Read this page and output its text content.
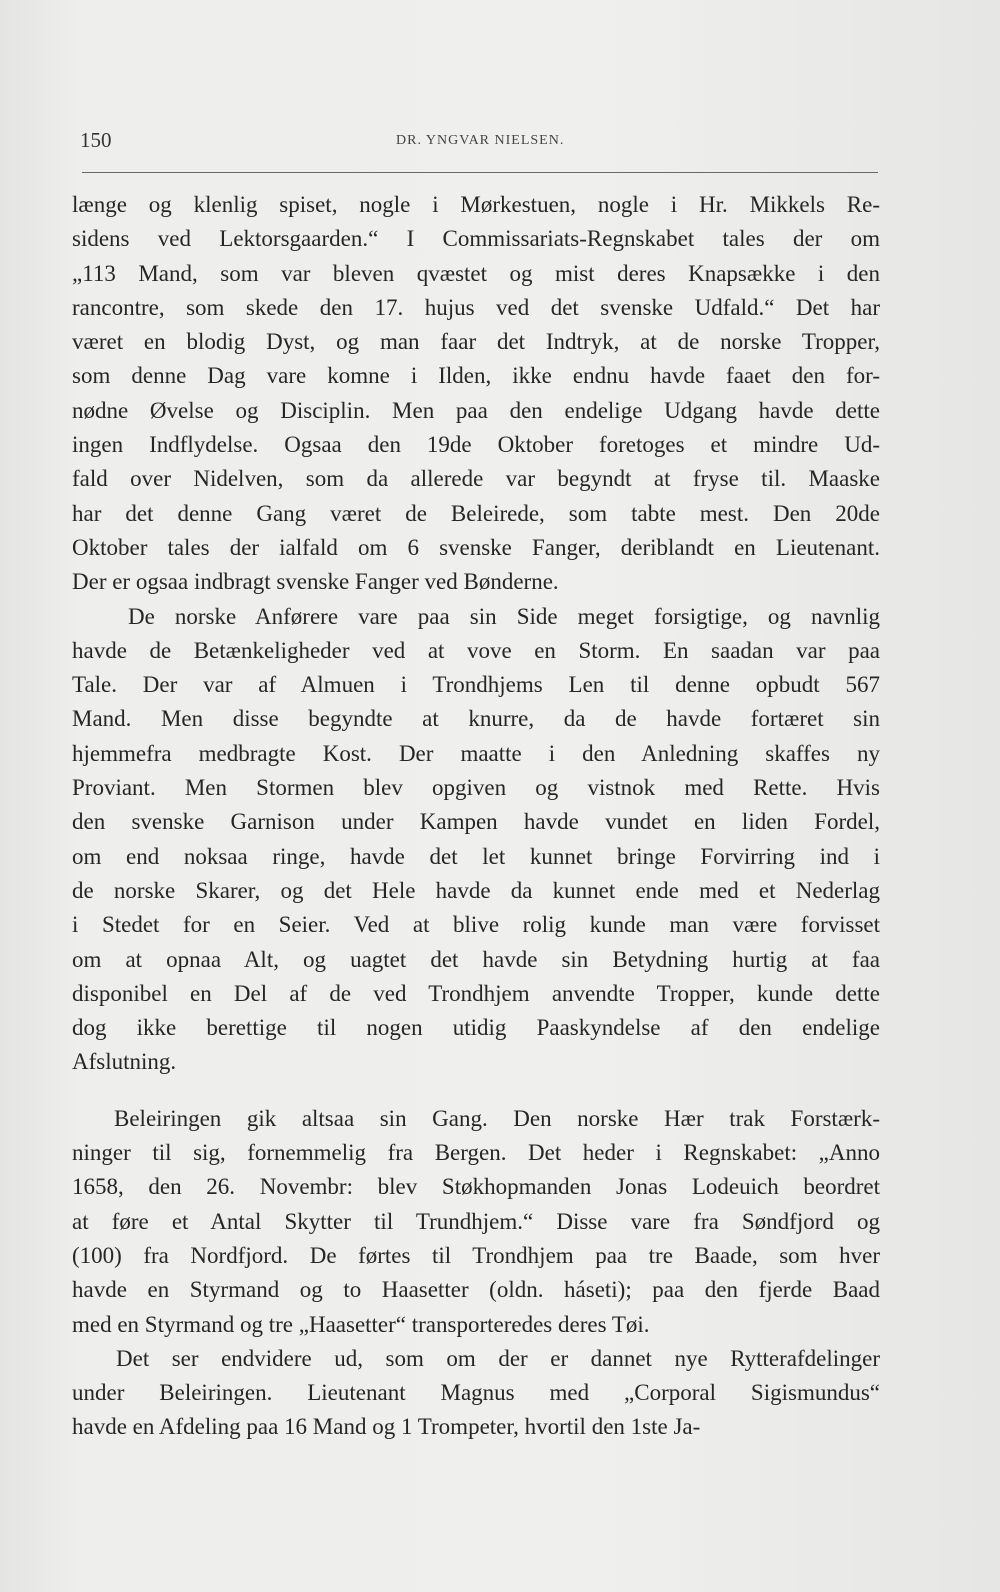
150	DR. YNGVAR NIELSEN.
længe og klenlig spiset, nogle i Mørkestuen, nogle i Hr. Mikkels Re-
sidens ved Lektorsgaarden.“ I Commissariats-Regnskabet tales der om
„113 Mand, som var bleven qvæstet og mist deres Knapsække i den
rancontre, som skede den 17. hujus ved det svenske Udfald.“ Det har
været en blodig Dyst, og man faar det Indtryk, at de norske Tropper,
som denne Dag vare komne i Ilden, ikke endnu havde faaet den for-
nødne Øvelse og Disciplin. Men paa den endelige Udgang havde dette
ingen Indflydelse. Ogsaa den 19de Oktober foretoges et mindre Ud-
fald over Nidelven, som da allerede var begyndt at fryse til. Maaske
har det denne Gang været de Beleirede, som tabte mest. Den 20de
Oktober tales der ialfald om 6 svenske Fanger, deriblandt en Lieutenant.
Der er ogsaa indbragt svenske Fanger ved Bønderne.
De norske Anførere vare paa sin Side meget forsigtige, og navnlig
havde de Betænkeligheder ved at vove en Storm. En saadan var paa
Tale. Der var af Almuen i Trondhjems Len til denne opbudt 567
Mand. Men disse begyndte at knurre, da de havde fortæret sin
hjemmefra medbragte Kost. Der maatte i den Anledning skaffes ny
Proviant. Men Stormen blev opgiven og vistnok med Rette. Hvis
den svenske Garnison under Kampen havde vundet en liden Fordel,
om end noksaa ringe, havde det let kunnet bringe Forvirring ind i
de norske Skarer, og det Hele havde da kunnet ende med et Nederlag
i Stedet for en Seier. Ved at blive rolig kunde man være forvisset
om at opnaa Alt, og uagtet det havde sin Betydning hurtig at faa
disponibel en Del af de ved Trondhjem anvendte Tropper, kunde dette
dog ikke berettige til nogen utidig Paaskyndelse af den endelige
Afslutning.
Beleiringen gik altsaa sin Gang. Den norske Hær trak Forstærk-
ninger til sig, fornemmelig fra Bergen. Det heder i Regnskabet: „Anno
1658, den 26. Novembr: blev Støkhopmanden Jonas Lodeuich beordret
at føre et Antal Skytter til Trundhjem.“ Disse vare fra Søndfjord og
(100) fra Nordfjord. De førtes til Trondhjem paa tre Baade, som hver
havde en Styrmand og to Haasetter (oldn. háseti); paa den fjerde Baad
med en Styrmand og tre „Haasetter“ transporteredes deres Tøi.
Det ser endvidere ud, som om der er dannet nye Rytterafdelinger
under Beleiringen. Lieutenant Magnus med „Corporal Sigismundus“
havde en Afdeling paa 16 Mand og 1 Trompeter, hvortil den 1ste Ja-
